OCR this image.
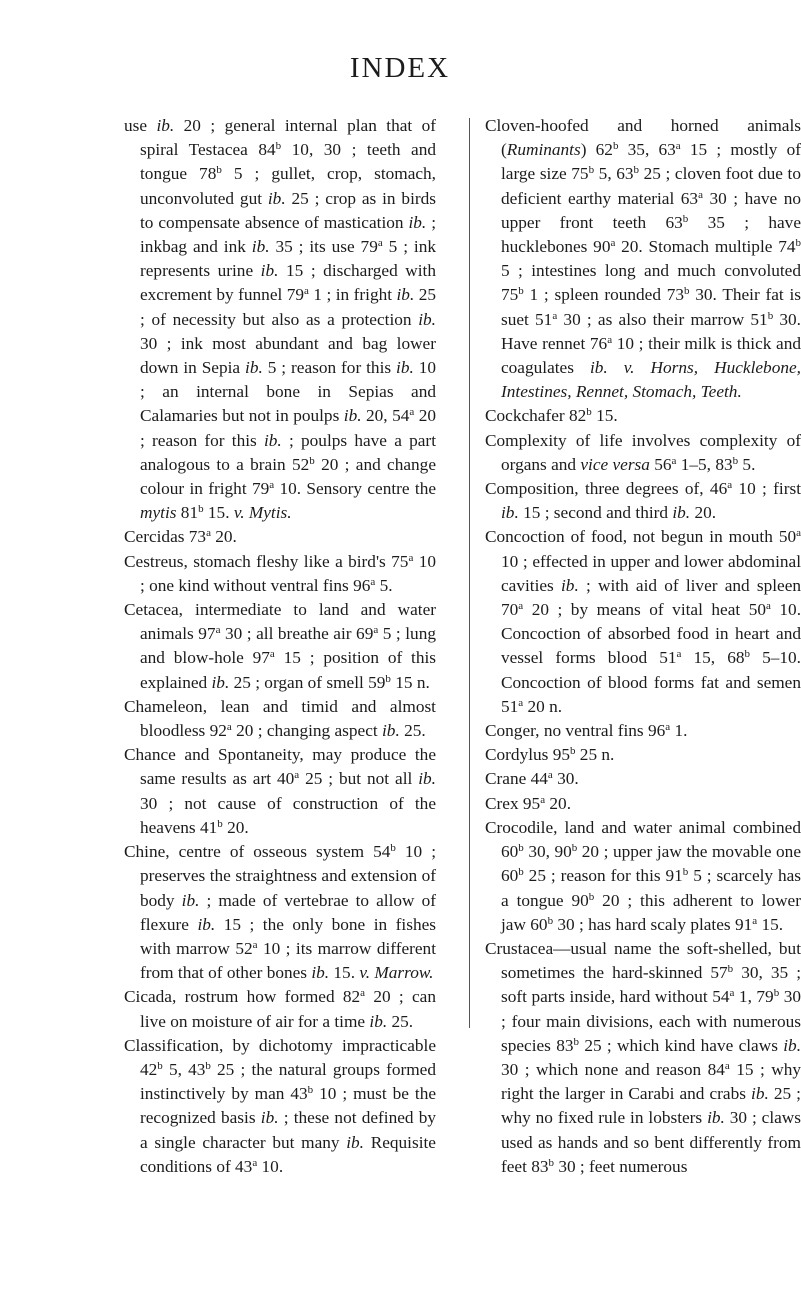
INDEX

use ib. 20 ; general internal plan that of spiral Testacea 84$^b$ 10, 30 ; teeth and tongue 78$^b$ 5 ; gullet, crop, stomach, unconvoluted gut ib. 25 ; crop as in birds to compensate absence of mastication ib. ; inkbag and ink ib. 35 ; its use 79$^a$ 5 ; ink represents urine ib. 15 ; discharged with excrement by funnel 79$^a$ 1 ; in fright ib. 25 ; of necessity but also as a protection ib. 30 ; ink most abundant and bag lower down in Sepia ib. 5 ; reason for this ib. 10 ; an internal bone in Sepias and Calamaries but not in poulps ib. 20, 54$^a$ 20 ; reason for this ib. ; poulps have a part analogous to a brain 52$^b$ 20 ; and change colour in fright 79$^a$ 10. Sensory centre the mytis 81$^b$ 15. v. Mytis.

Cercidas 73$^a$ 20.

Cestreus, stomach fleshy like a bird's 75$^a$ 10 ; one kind without ventral fins 96$^a$ 5.

Cetacea, intermediate to land and water animals 97$^a$ 30 ; all breathe air 69$^a$ 5 ; lung and blow-hole 97$^a$ 15 ; position of this explained ib. 25 ; organ of smell 59$^b$ 15 n.

Chameleon, lean and timid and almost bloodless 92$^a$ 20 ; changing aspect ib. 25.

Chance and Spontaneity, may produce the same results as art 40$^a$ 25 ; but not all ib. 30 ; not cause of construction of the heavens 41$^b$ 20.

Chine, centre of osseous system 54$^b$ 10 ; preserves the straightness and extension of body ib. ; made of vertebrae to allow of flexure ib. 15 ; the only bone in fishes with marrow 52$^a$ 10 ; its marrow different from that of other bones ib. 15. v. Marrow.

Cicada, rostrum how formed 82$^a$ 20 ; can live on moisture of air for a time ib. 25.

Classification, by dichotomy impracticable 42$^b$ 5, 43$^b$ 25 ; the natural groups formed instinctively by man 43$^b$ 10 ; must be the recognized basis ib. ; these not defined by a single character but many ib. Requisite conditions of 43$^a$ 10.

Cloven-hoofed and horned animals (Ruminants) 62$^b$ 35, 63$^a$ 15 ; mostly of large size 75$^b$ 5, 63$^b$ 25 ; cloven foot due to deficient earthy material 63$^a$ 30 ; have no upper front teeth 63$^b$ 35 ; have hucklebones 90$^a$ 20. Stomach multiple 74$^b$ 5 ; intestines long and much convoluted 75$^b$ 1 ; spleen rounded 73$^b$ 30. Their fat is suet 51$^a$ 30 ; as also their marrow 51$^b$ 30. Have rennet 76$^a$ 10 ; their milk is thick and coagulates ib. v. Horns, Hucklebone, Intestines, Rennet, Stomach, Teeth.

Cockchafer 82$^b$ 15.

Complexity of life involves complexity of organs and vice versa 56$^a$ 1–5, 83$^b$ 5.

Composition, three degrees of, 46$^a$ 10 ; first ib. 15 ; second and third ib. 20.

Concoction of food, not begun in mouth 50$^a$ 10 ; effected in upper and lower abdominal cavities ib. ; with aid of liver and spleen 70$^a$ 20 ; by means of vital heat 50$^a$ 10. Concoction of absorbed food in heart and vessel forms blood 51$^a$ 15, 68$^b$ 5–10. Concoction of blood forms fat and semen 51$^a$ 20 n.

Conger, no ventral fins 96$^a$ 1.

Cordylus 95$^b$ 25 n.

Crane 44$^a$ 30.

Crex 95$^a$ 20.

Crocodile, land and water animal combined 60$^b$ 30, 90$^b$ 20 ; upper jaw the movable one 60$^b$ 25 ; reason for this 91$^b$ 5 ; scarcely has a tongue 90$^b$ 20 ; this adherent to lower jaw 60$^b$ 30 ; has hard scaly plates 91$^a$ 15.

Crustacea—usual name the soft-shelled, but sometimes the hard-skinned 57$^b$ 30, 35 ; soft parts inside, hard without 54$^a$ 1, 79$^b$ 30 ; four main divisions, each with numerous species 83$^b$ 25 ; which kind have claws ib. 30 ; which none and reason 84$^a$ 15 ; why right the larger in Carabi and crabs ib. 25 ; why no fixed rule in lobsters ib. 30 ; claws used as hands and so bent differently from feet 83$^b$ 30 ; feet numerous
